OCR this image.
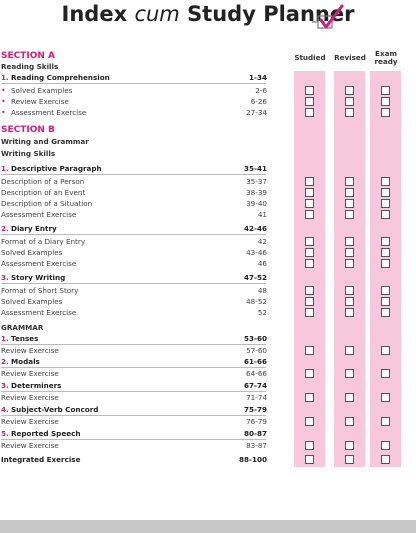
Index cum Study Planner
Studied	Revised	Exam
ready
SECTION A
Reading Skills
1. Reading Comprehension	1-34
• Solved Examples	2-6
• Review Exercise	6-26
• Assessment Exercise	27-34
SECTION B
Writing and Grammar
Writing Skills
1. Descriptive Paragraph	35-41
Description of a Person	35-37
Description of an Event	38-39
Description of a Situation	39-40
Assessment Exercise	41
2. Diary Entry	42-46
Format of a Diary Entry	42
Solved Examples	43-46
Assessment Exercise	46
3. Story Writing	47-52
Format of Short Story	48
Solved Examples	48-52
Assessment Exercise	52
GRAMMAR
1. Tenses	53-60
Review Exercise	57-60
2. Modals	61-66
Review Exercise	64-66
3. Determiners	67-74
Review Exercise	71-74
4. Subject-Verb Concord	75-79
Review Exercise	76-79
5. Reported Speech	80-87
Review Exercise	83-87
Integrated Exercise	88-100
